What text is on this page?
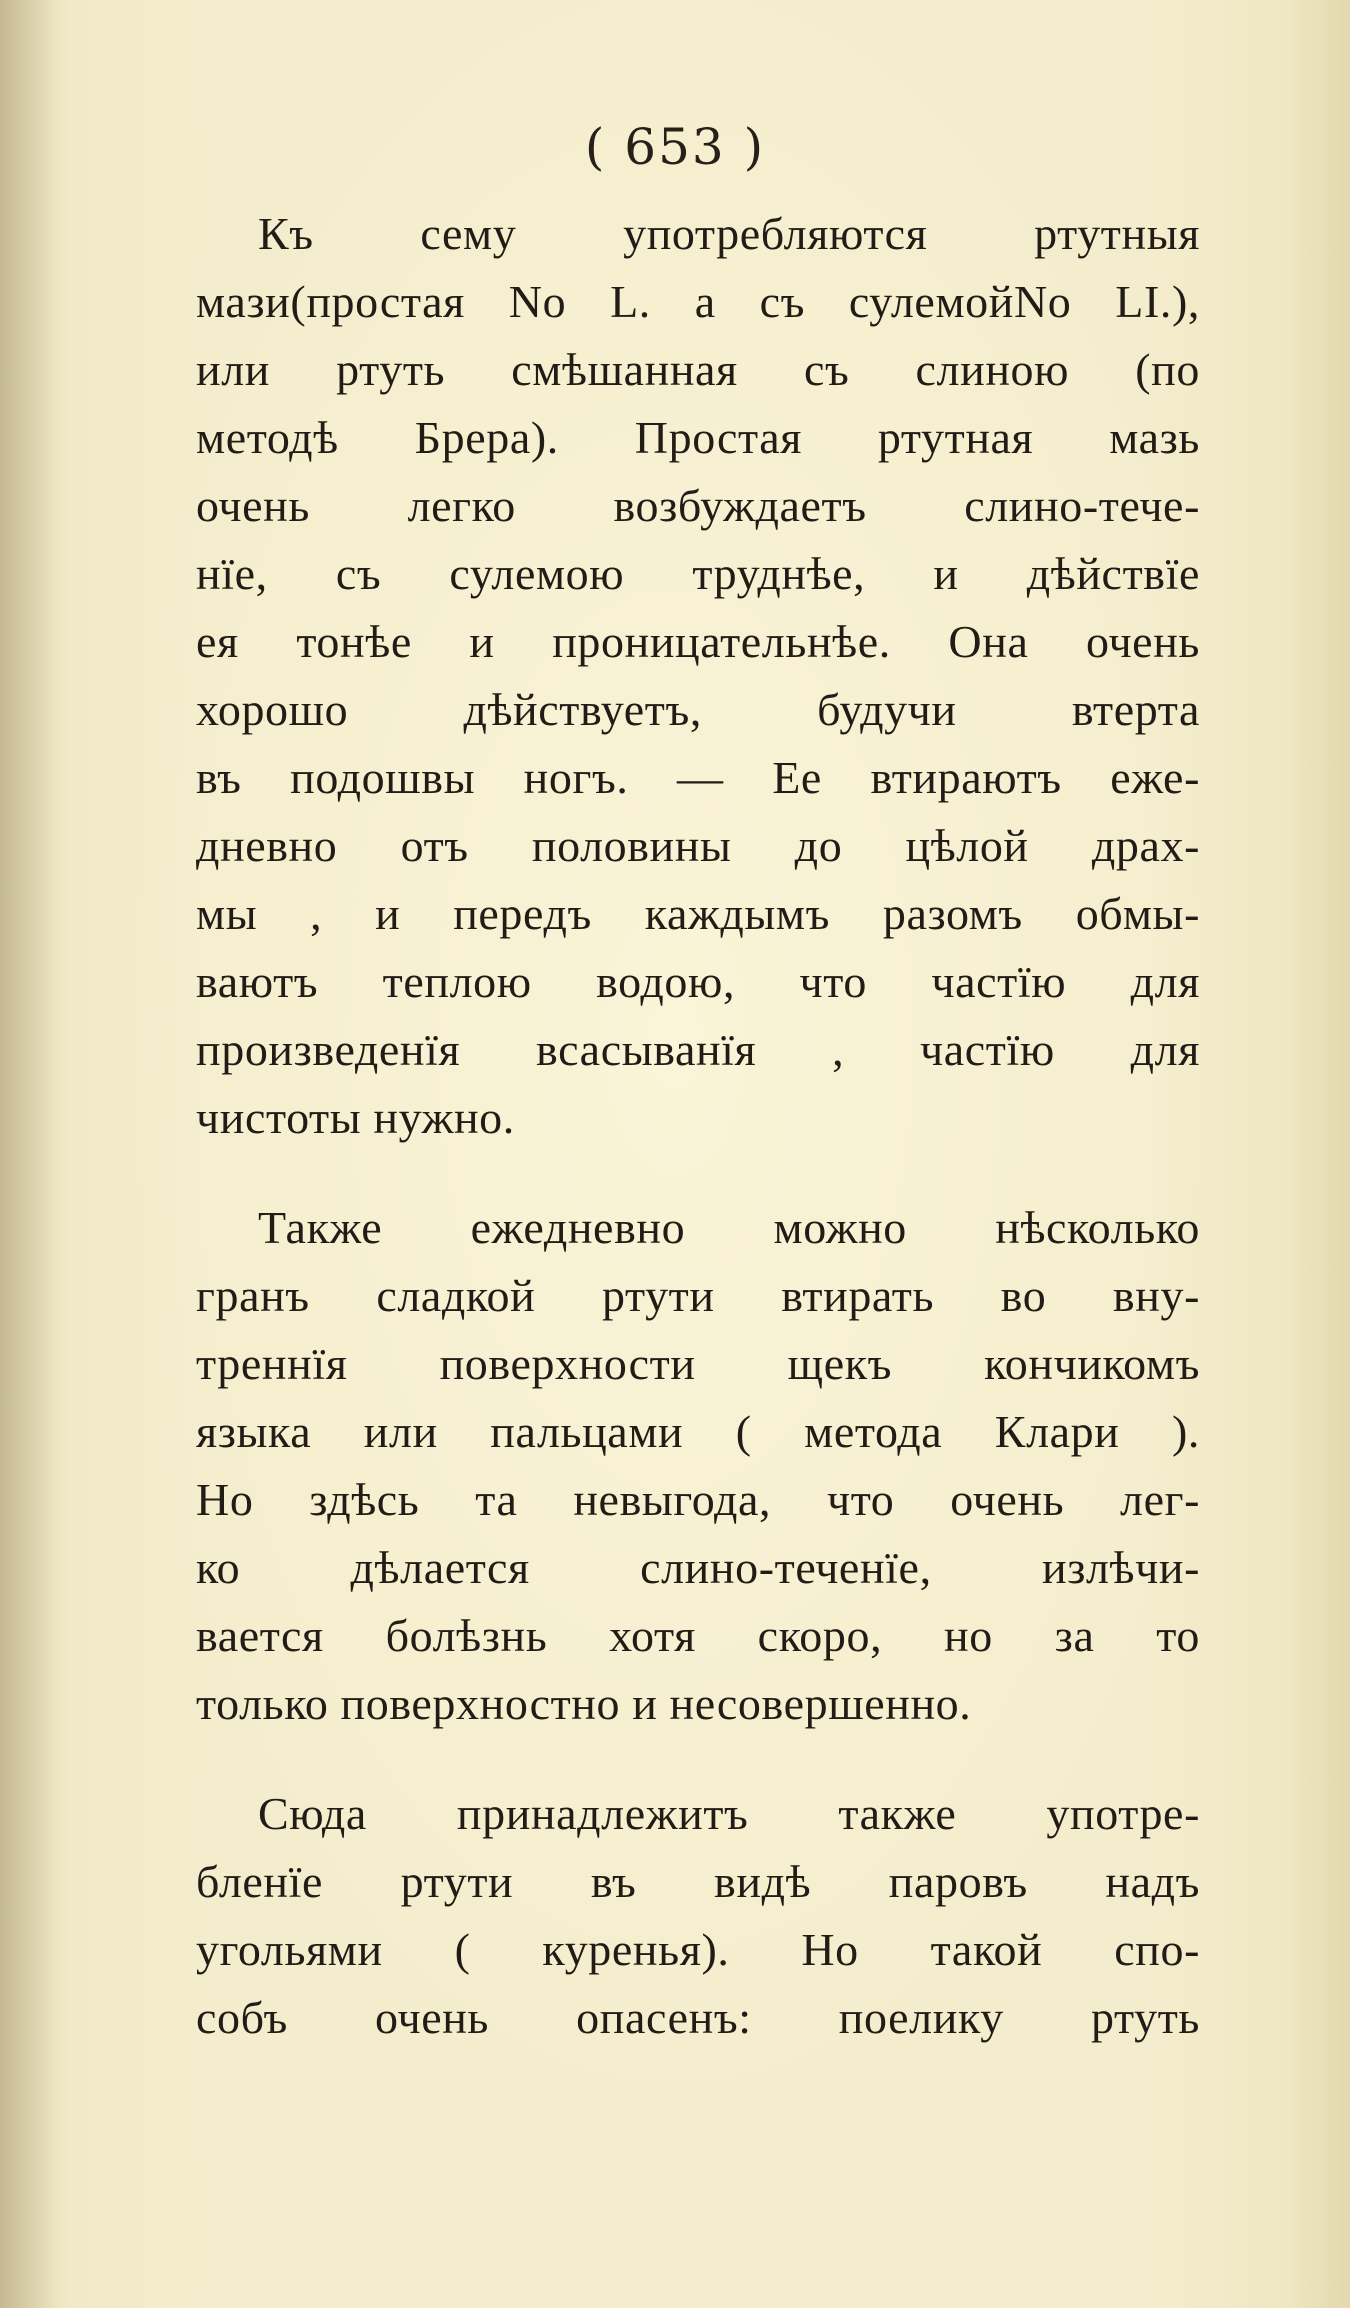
( 653 )
Къ сему употребляются ртутныя
мази(простая No L. а съ сулемойNo LI.),
или ртуть смѣшанная съ слиною (по
методѣ Брера). Простая ртутная мазь
очень легко возбуждаетъ слино-тече-
нїе, съ сулемою труднѣе, и дѣйствїе
ея тонѣе и проницательнѣе. Она очень
хорошо дѣйствуетъ, будучи втерта
въ подошвы ногъ. — Ее втираютъ еже-
дневно отъ половины до цѣлой драх-
мы , и передъ каждымъ разомъ обмы-
ваютъ теплою водою, что частїю для
произведенїя всасыванїя , частїю для
чистоты нужно.
Также ежедневно можно нѣсколько
гранъ сладкой ртути втирать во вну-
треннїя поверхности щекъ кончикомъ
языка или пальцами ( метода Клари ).
Но здѣсь та невыгода, что очень лег-
ко дѣлается слино-теченїе, излѣчи-
вается болѣзнь хотя скоро, но за то
только поверхностно и несовершенно.
Сюда принадлежитъ также употре-
бленїе ртути въ видѣ паровъ надъ
угольями ( куренья). Но такой спо-
собъ очень опасенъ: поелику ртуть
